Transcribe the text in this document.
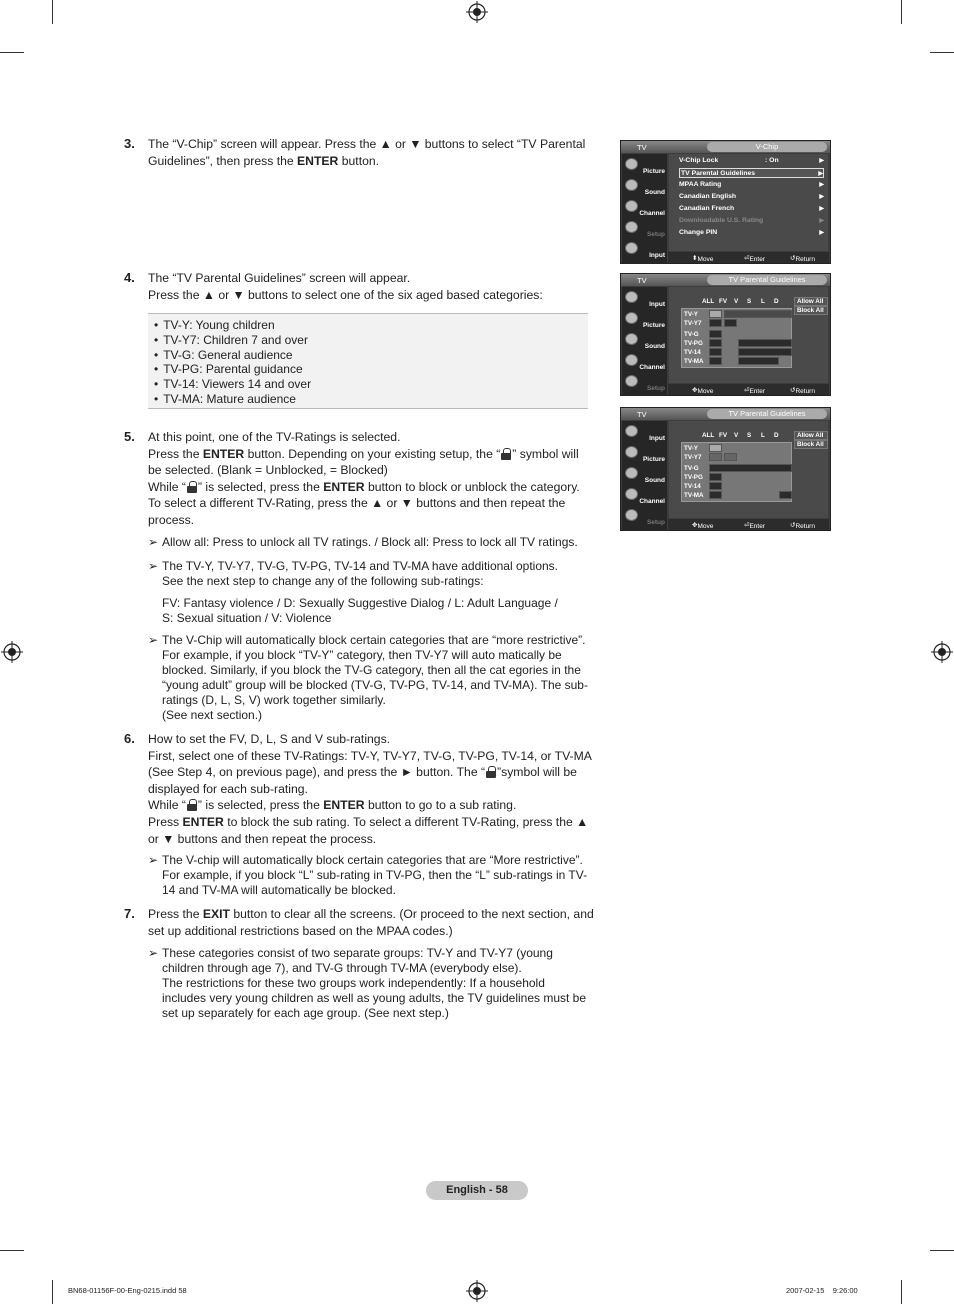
3. The “V-Chip” screen will appear. Press the ▲ or ▼ buttons to select “TV Parental Guidelines”, then press the ENTER button.

4. The “TV Parental Guidelines” screen will appear.

Press the ▲ or ▼ buttons to select one of the six aged based categories:

• TV-Y: Young children
• TV-Y7: Children 7 and over
• TV-G: General audience
• TV-PG: Parental guidance
• TV-14: Viewers 14 and over
• TV-MA: Mature audience
5. At this point, one of the TV-Ratings is selected.

Press the ENTER button. Depending on your existing setup, the “ ” symbol will be selected. (Blank = Unblocked, = Blocked)

While “ ” is selected, press the ENTER button to block or unblock the category.

To select a different TV-Rating, press the ▲ or ▼ buttons and then repeat the process.

➢ Allow all: Press to unlock all TV ratings. / Block all: Press to lock all TV ratings.
➢ The TV-Y, TV-Y7, TV-G, TV-PG, TV-14 and TV-MA have additional options.

See the next step to change any of the following sub-ratings:

FV: Fantasy violence / D: Sexually Suggestive Dialog / L: Adult Language /

S: Sexual situation / V: Violence

➢ The V-Chip will automatically block certain categories that are “more restrictive”. For example, if you block “TV-Y” category, then TV-Y7 will auto matically be blocked. Similarly, if you block the TV-G category, then all the cat egories in the “young adult” group will be blocked (TV-G, TV-PG, TV-14, and TV-MA). The sub-ratings (D, L, S, V) work together similarly.

(See next section.)

6. How to set the FV, D, L, S and V sub-ratings.

First, select one of these TV-Ratings: TV-Y, TV-Y7, TV-G, TV-PG, TV-14, or TV-MA (See Step 4, on previous page), and press the ► button. The “ ”symbol will be displayed for each sub-rating.

While “ ” is selected, press the ENTER button to go to a sub rating.

Press ENTER to block the sub rating. To select a different TV-Rating, press the ▲ or ▼ buttons and then repeat the process.

➢ The V-chip will automatically block certain categories that are “More restrictive”. For example, if you block “L” sub-rating in TV-PG, then the “L” sub-ratings in TV-14 and TV-MA will automatically be blocked.
7. Press the EXIT button to clear all the screens. (Or proceed to the next section, and set up additional restrictions based on the MPAA codes.)

➢ These categories consist of two separate groups: TV-Y and TV-Y7 (young children through age 7), and TV-G through TV-MA (everybody else).

The restrictions for these two groups work independently: If a household includes very young children as well as young adults, the TV guidelines must be set up separately for each age group. (See next step.)

TV	V-Chip
Picture
Sound
Channel
Setup
Input
V-Chip Lock	: On	▶
TV Parental Guidelines	▶
MPAA Rating	▶
Canadian English	▶
Canadian French	▶
Downloadable U.S. Rating	▶
Change PIN	▶
⬍ Move	⏎ Enter	↺ Return
TV	TV Parental Guidelines
Input
Picture
Sound
Channel
Setup
ALL FV V S L D
TV-Y
TV-Y7
TV-G
TV-PG
TV-14
TV-MA
Allow All
Block All
✥ Move	⏎ Enter	↺ Return
TV	TV Parental Guidelines
Input
Picture
Sound
Channel
Setup
ALL FV V S L D
TV-Y
TV-Y7
TV-G
TV-PG
TV-14
TV-MA
Allow All
Block All
✥ Move	⏎ Enter	↺ Return
English - 58
BN68-01156F-00-Eng-0215.indd 58	2007-02-15    9:26:00
